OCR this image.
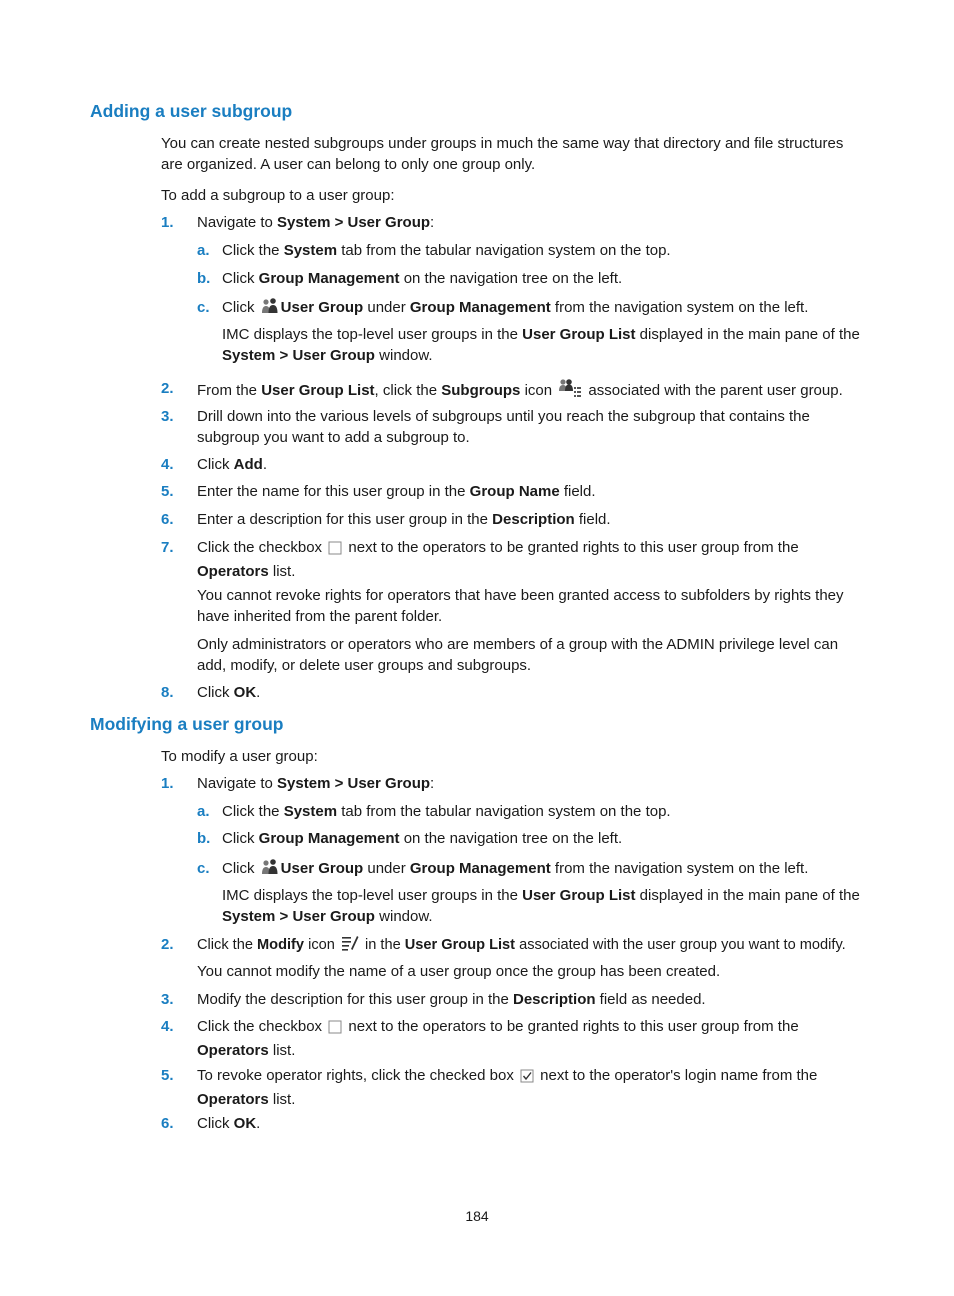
Adding a user subgroup

You can create nested subgroups under groups in much the same way that directory and file structures are organized. A user can belong to only one group only.

To add a subgroup to a user group:

1. Navigate to System > User Group:

a. Click the System tab from the tabular navigation system on the top.

b. Click Group Management on the navigation tree on the left.

c. Click User Group under Group Management from the navigation system on the left.

IMC displays the top-level user groups in the User Group List displayed in the main pane of the System > User Group window.

2. From the User Group List, click the Subgroups icon  associated with the parent user group.

3. Drill down into the various levels of subgroups until you reach the subgroup that contains the subgroup you want to add a subgroup to.

4. Click Add.

5. Enter the name for this user group in the Group Name field.

6. Enter a description for this user group in the Description field.

7. Click the checkbox  next to the operators to be granted rights to this user group from the Operators list.

You cannot revoke rights for operators that have been granted access to subfolders by rights they have inherited from the parent folder.

Only administrators or operators who are members of a group with the ADMIN privilege level can add, modify, or delete user groups and subgroups.

8. Click OK.

Modifying a user group

To modify a user group:

1. Navigate to System > User Group:

a. Click the System tab from the tabular navigation system on the top.

b. Click Group Management on the navigation tree on the left.

c. Click User Group under Group Management from the navigation system on the left.

IMC displays the top-level user groups in the User Group List displayed in the main pane of the System > User Group window.

2. Click the Modify icon  in the User Group List associated with the user group you want to modify.

You cannot modify the name of a user group once the group has been created.

3. Modify the description for this user group in the Description field as needed.

4. Click the checkbox  next to the operators to be granted rights to this user group from the Operators list.

5. To revoke operator rights, click the checked box  next to the operator's login name from the Operators list.

6. Click OK.

184
